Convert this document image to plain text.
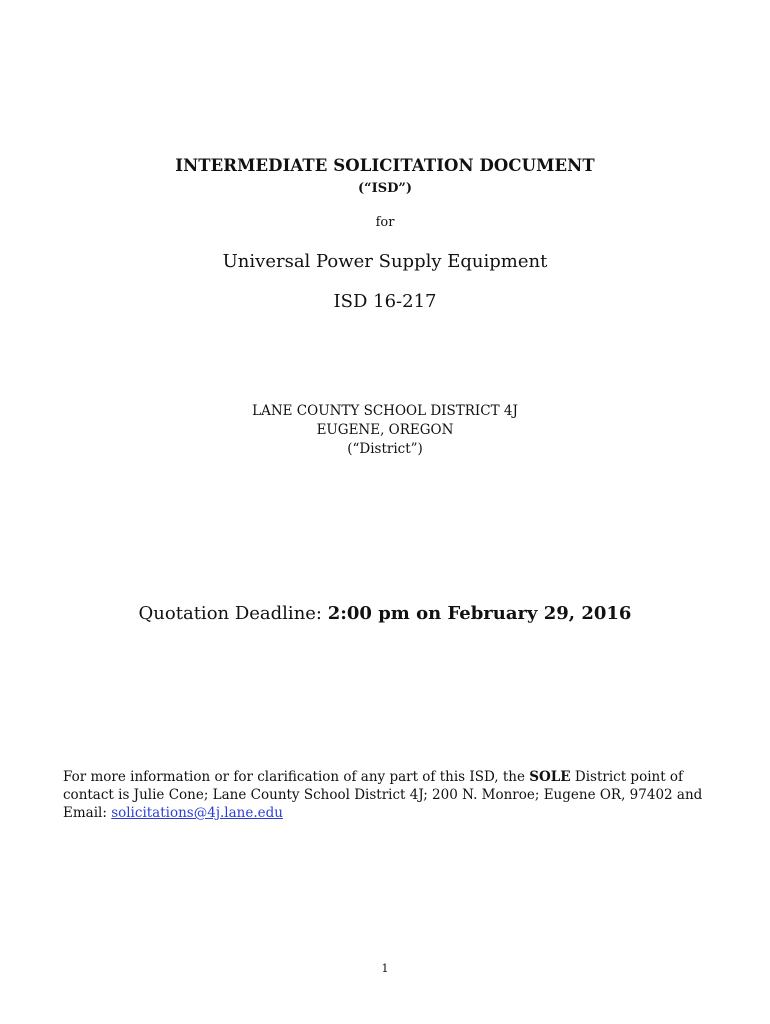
INTERMEDIATE SOLICITATION DOCUMENT
(“ISD”)
for
Universal Power Supply Equipment
ISD 16-217
LANE COUNTY SCHOOL DISTRICT 4J
EUGENE, OREGON
(“District”)
Quotation Deadline: 2:00 pm on February 29, 2016

For more information or for clarification of any part of this ISD, the SOLE District point of contact is Julie Cone; Lane County School District 4J; 200 N. Monroe; Eugene OR, 97402 and Email: solicitations@4j.lane.edu

1
